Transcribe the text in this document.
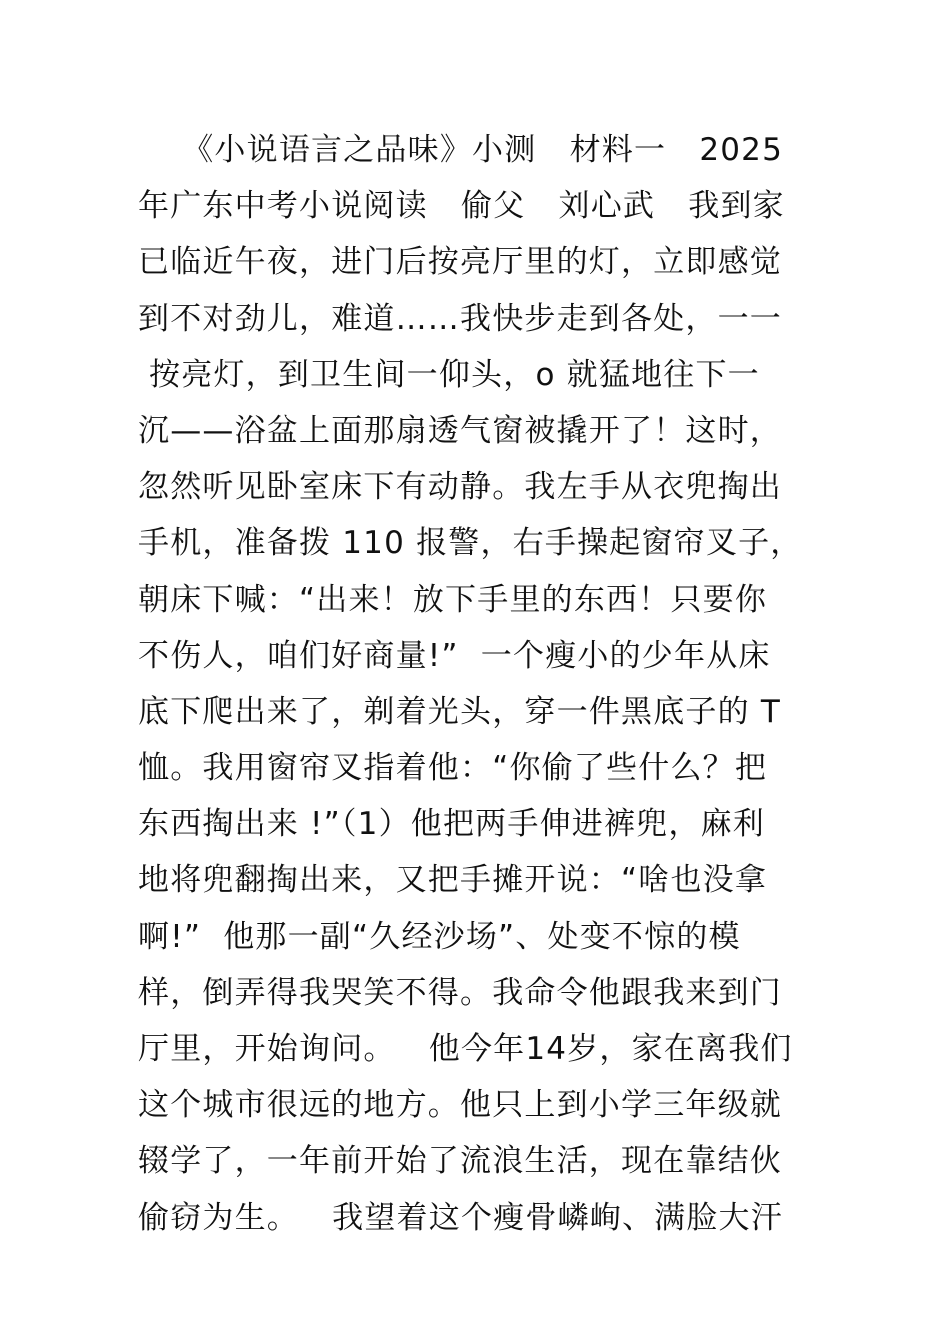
《小说语言之品味》小测   材料一   2025
年广东中考小说阅读   偷父   刘心武   我到家
已临近午夜，进门后按亮厅里的灯，立即感觉
到不对劲儿，难道……我快步走到各处，一一
按亮灯，到卫生间一仰头，o 就猛地往下一
沉——浴盆上面那扇透气窗被撬开了！这时，
忽然听见卧室床下有动静。我左手从衣兜掏出
手机，准备拨 110 报警，右手操起窗帘叉子，
朝床下喊：“出来！放下手里的东西！只要你
不伤人，咱们好商量!”  一个瘦小的少年从床
底下爬出来了，剃着光头，穿一件黑底子的 T
恤。我用窗帘叉指着他：“你偷了些什么？把
东西掏出来 !”（1）他把两手伸进裤兜，麻利
地将兜翻掏出来，又把手摊开说：“啥也没拿
啊!”  他那一副“久经沙场”、处变不惊的模
样，倒弄得我哭笑不得。我命令他跟我来到门
厅里，开始询问。   他今年14岁，家在离我们
这个城市很远的地方。他只上到小学三年级就
辍学了，一年前开始了流浪生活，现在靠结伙
偷窃为生。   我望着这个瘦骨嶙峋、满脸大汗
